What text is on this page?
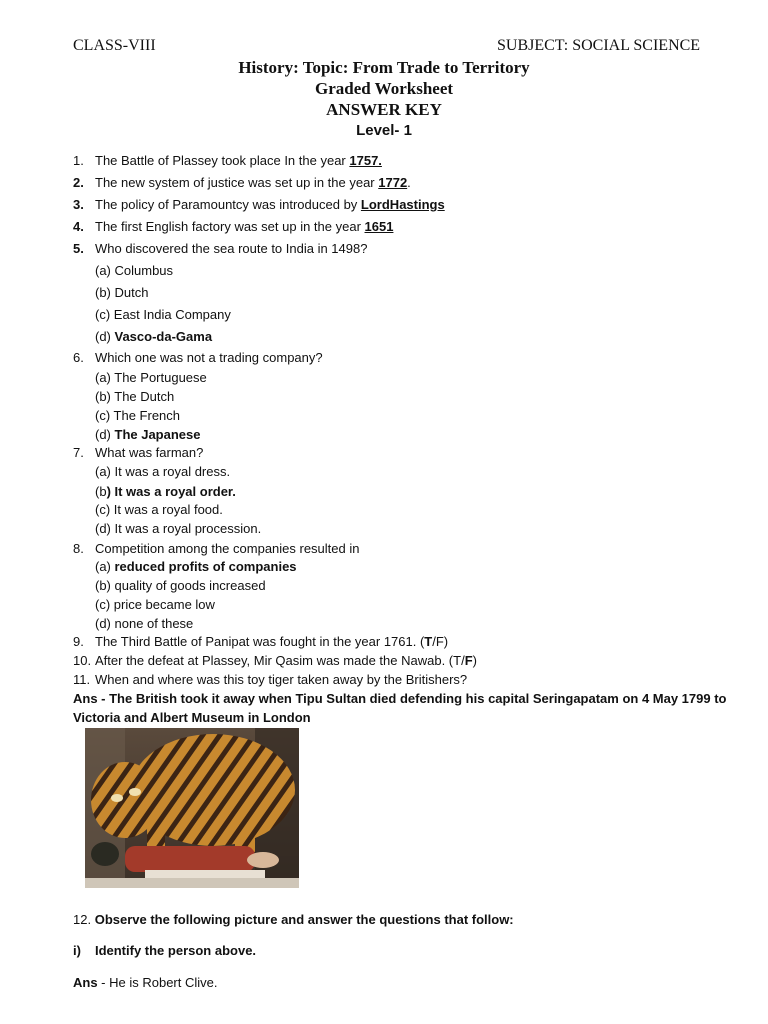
CLASS-VIII	SUBJECT: SOCIAL SCIENCE
History: Topic: From Trade to Territory
Graded Worksheet
ANSWER KEY
Level- 1
1. The Battle of Plassey took place In the year 1757.
2. The new system of justice was set up in the year 1772.
3. The policy of Paramountcy was introduced by LordHastings
4. The first English factory was set up in the year 1651
5. Who discovered the sea route to India in 1498?
(a) Columbus
(b) Dutch
(c) East India Company
(d) Vasco-da-Gama
6. Which one was not a trading company?
(a) The Portuguese
(b) The Dutch
(c) The French
(d) The Japanese
7. What was farman?
(a) It was a royal dress.
(b) It was a royal order.
(c) It was a royal food.
(d) It was a royal procession.
8. Competition among the companies resulted in
(a) reduced profits of companies
(b) quality of goods increased
(c) price became low
(d) none of these
9. The Third Battle of Panipat was fought in the year 1761. (T/F)
10. After the defeat at Plassey, Mir Qasim was made the Nawab. (T/F)
11. When and where was this toy tiger taken away by the Britishers?
Ans - The British took it away when Tipu Sultan died defending his capital Seringapatam on 4 May 1799 to
Victoria and Albert Museum in London
12. Observe the following picture and answer the questions that follow:
i) Identify the person above.
Ans - He is Robert Clive.
